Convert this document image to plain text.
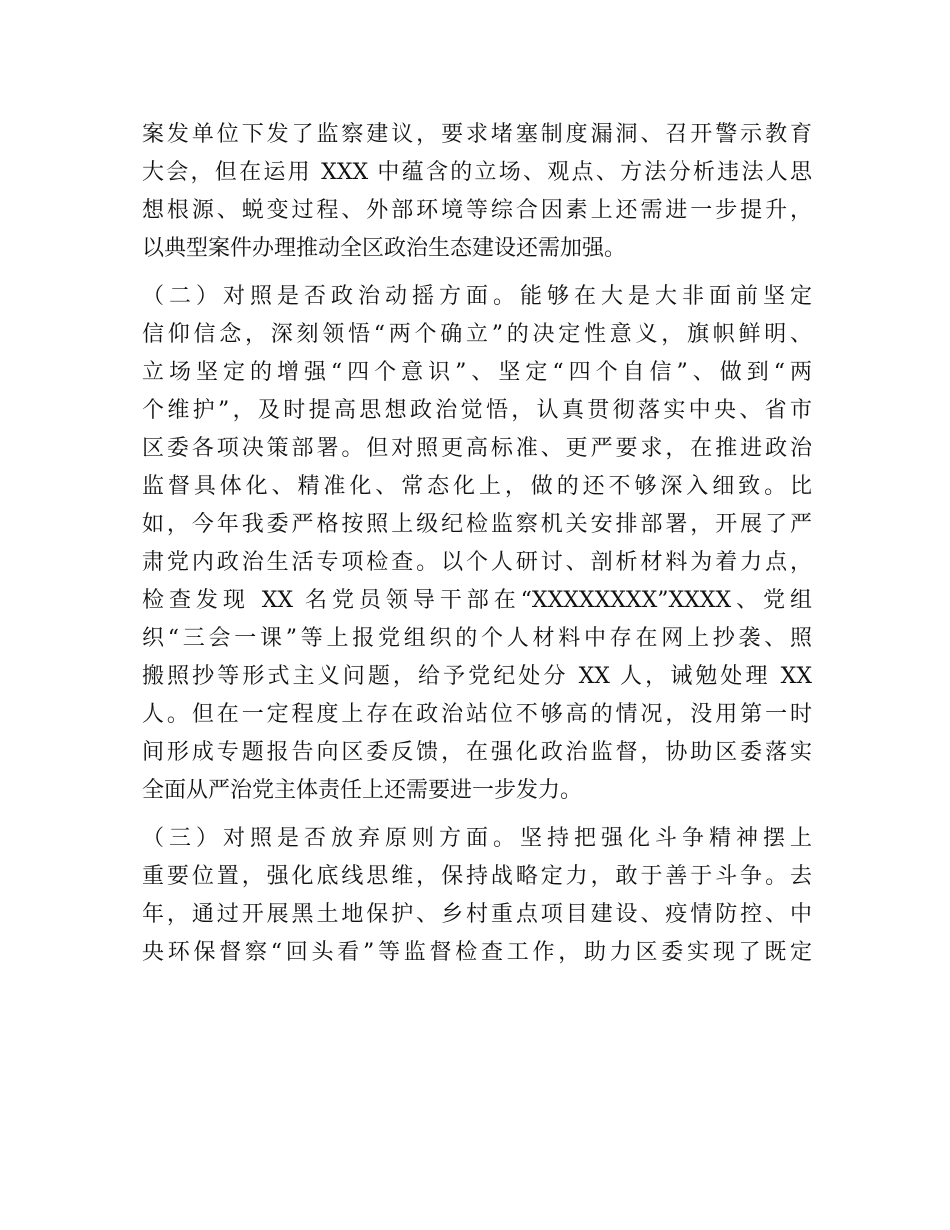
案发单位下发了监察建议，要求堵塞制度漏洞、召开警示教育
大会，但在运用 XXX 中蕴含的立场、观点、方法分析违法人思
想根源、蜕变过程、外部环境等综合因素上还需进一步提升，
以典型案件办理推动全区政治生态建设还需加强。
（二）对照是否政治动摇方面。能够在大是大非面前坚定
信仰信念，深刻领悟“两个确立”的决定性意义，旗帜鲜明、
立场坚定的增强“四个意识”、坚定“四个自信”、做到“两
个维护”，及时提高思想政治觉悟，认真贯彻落实中央、省市
区委各项决策部署。但对照更高标准、更严要求，在推进政治
监督具体化、精准化、常态化上，做的还不够深入细致。比
如，今年我委严格按照上级纪检监察机关安排部署，开展了严
肃党内政治生活专项检查。以个人研讨、剖析材料为着力点，
检查发现 XX 名党员领导干部在“XXXXXXXX”XXXX、党组
织“三会一课”等上报党组织的个人材料中存在网上抄袭、照
搬照抄等形式主义问题，给予党纪处分 XX 人，诫勉处理 XX
人。但在一定程度上存在政治站位不够高的情况，没用第一时
间形成专题报告向区委反馈，在强化政治监督，协助区委落实
全面从严治党主体责任上还需要进一步发力。
（三）对照是否放弃原则方面。坚持把强化斗争精神摆上
重要位置，强化底线思维，保持战略定力，敢于善于斗争。去
年，通过开展黑土地保护、乡村重点项目建设、疫情防控、中
央环保督察“回头看”等监督检查工作，助力区委实现了既定
